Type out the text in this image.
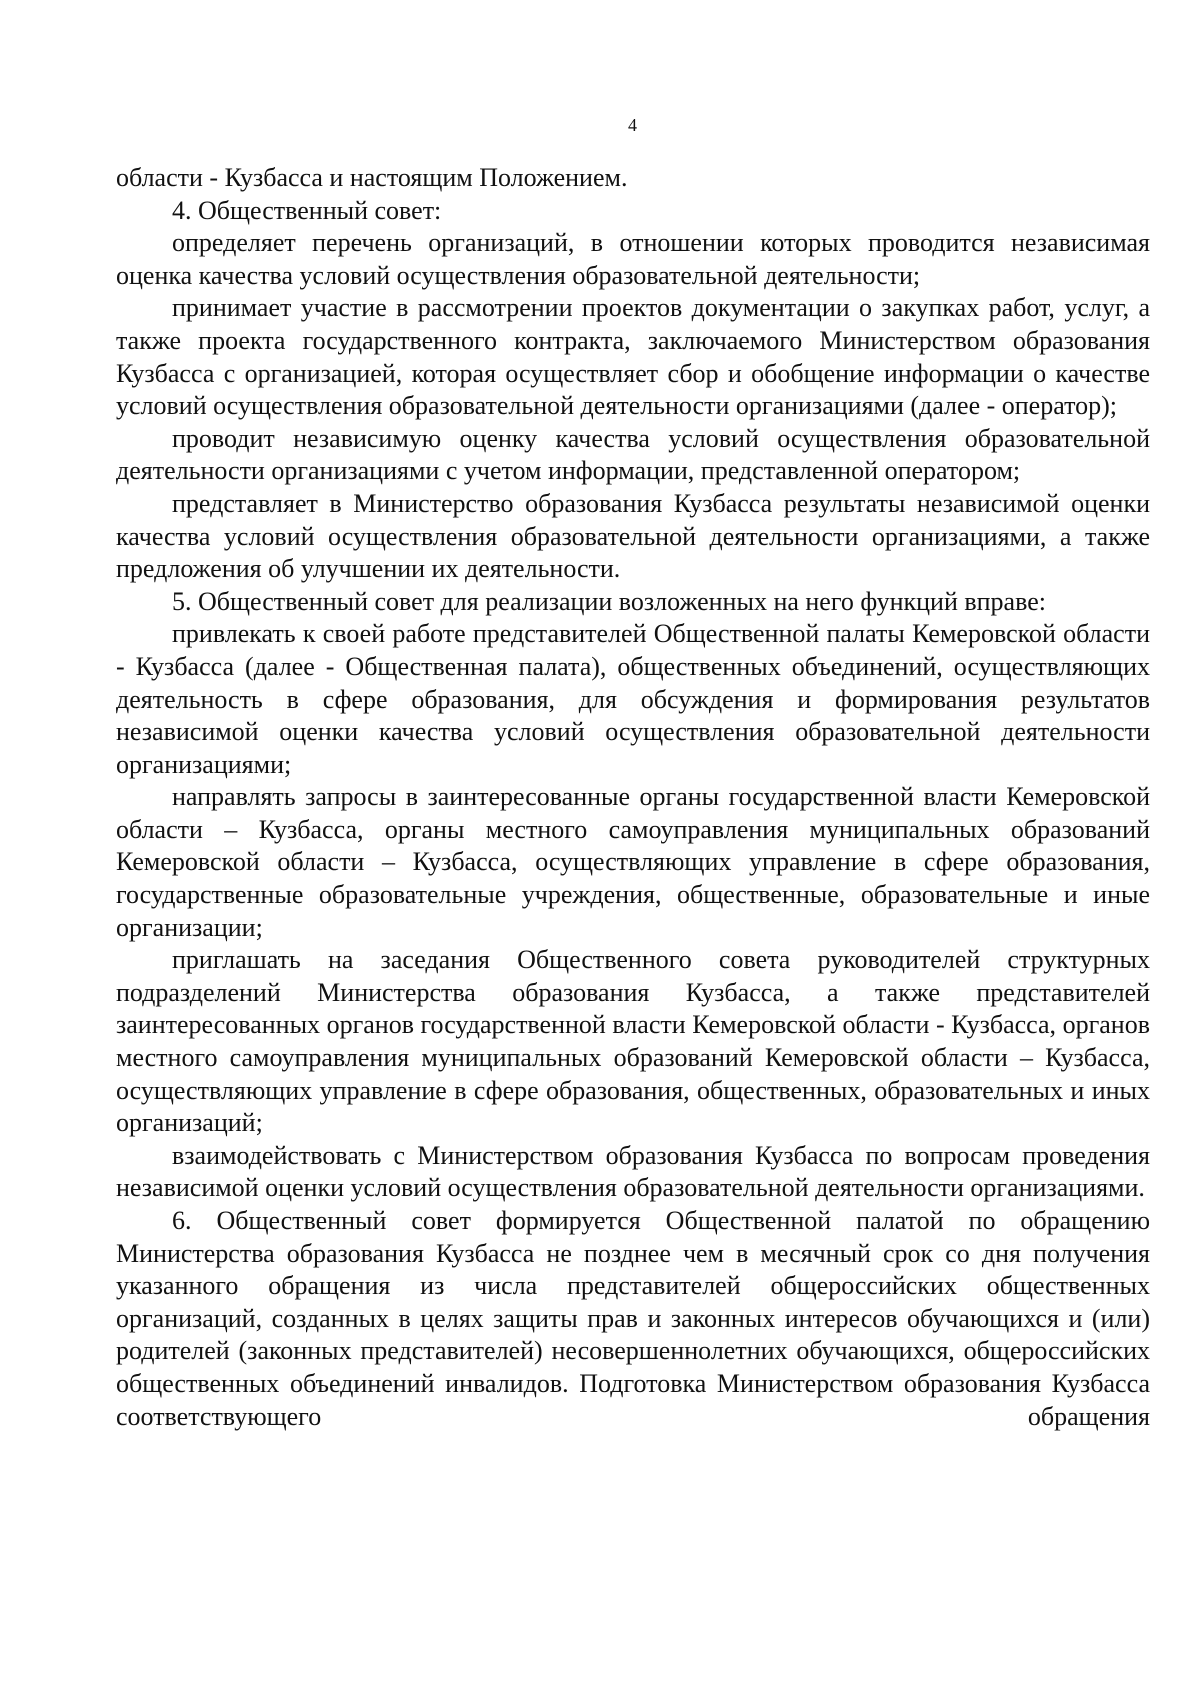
4

области - Кузбасса и настоящим Положением.

4. Общественный совет:

определяет перечень организаций, в отношении которых проводится независимая оценка качества условий осуществления образовательной деятельности;

принимает участие в рассмотрении проектов документации о закупках работ, услуг, а также проекта государственного контракта, заключаемого Министерством образования Кузбасса с организацией, которая осуществляет сбор и обобщение информации о качестве условий осуществления образовательной деятельности организациями (далее - оператор);

проводит независимую оценку качества условий осуществления образовательной деятельности организациями с учетом информации, представленной оператором;

представляет в Министерство образования Кузбасса результаты независимой оценки качества условий осуществления образовательной деятельности организациями, а также предложения об улучшении их деятельности.

5. Общественный совет для реализации возложенных на него функций вправе:

привлекать к своей работе представителей Общественной палаты Кемеровской области - Кузбасса (далее - Общественная палата), общественных объединений, осуществляющих деятельность в сфере образования, для обсуждения и формирования результатов независимой оценки качества условий осуществления образовательной деятельности организациями;

направлять запросы в заинтересованные органы государственной власти Кемеровской области – Кузбасса, органы местного самоуправления муниципальных образований Кемеровской области – Кузбасса, осуществляющих управление в сфере образования, государственные образовательные учреждения, общественные, образовательные и иные организации;

приглашать на заседания Общественного совета руководителей структурных подразделений Министерства образования Кузбасса, а также представителей заинтересованных органов государственной власти Кемеровской области - Кузбасса, органов местного самоуправления муниципальных образований Кемеровской области – Кузбасса, осуществляющих управление в сфере образования, общественных, образовательных и иных организаций;

взаимодействовать с Министерством образования Кузбасса по вопросам проведения независимой оценки условий осуществления образовательной деятельности организациями.

6. Общественный совет формируется Общественной палатой по обращению Министерства образования Кузбасса не позднее чем в месячный срок со дня получения указанного обращения из числа представителей общероссийских общественных организаций, созданных в целях защиты прав и законных интересов обучающихся и (или) родителей (законных представителей) несовершеннолетних обучающихся, общероссийских общественных объединений инвалидов. Подготовка Министерством образования Кузбасса соответствующего обращения
